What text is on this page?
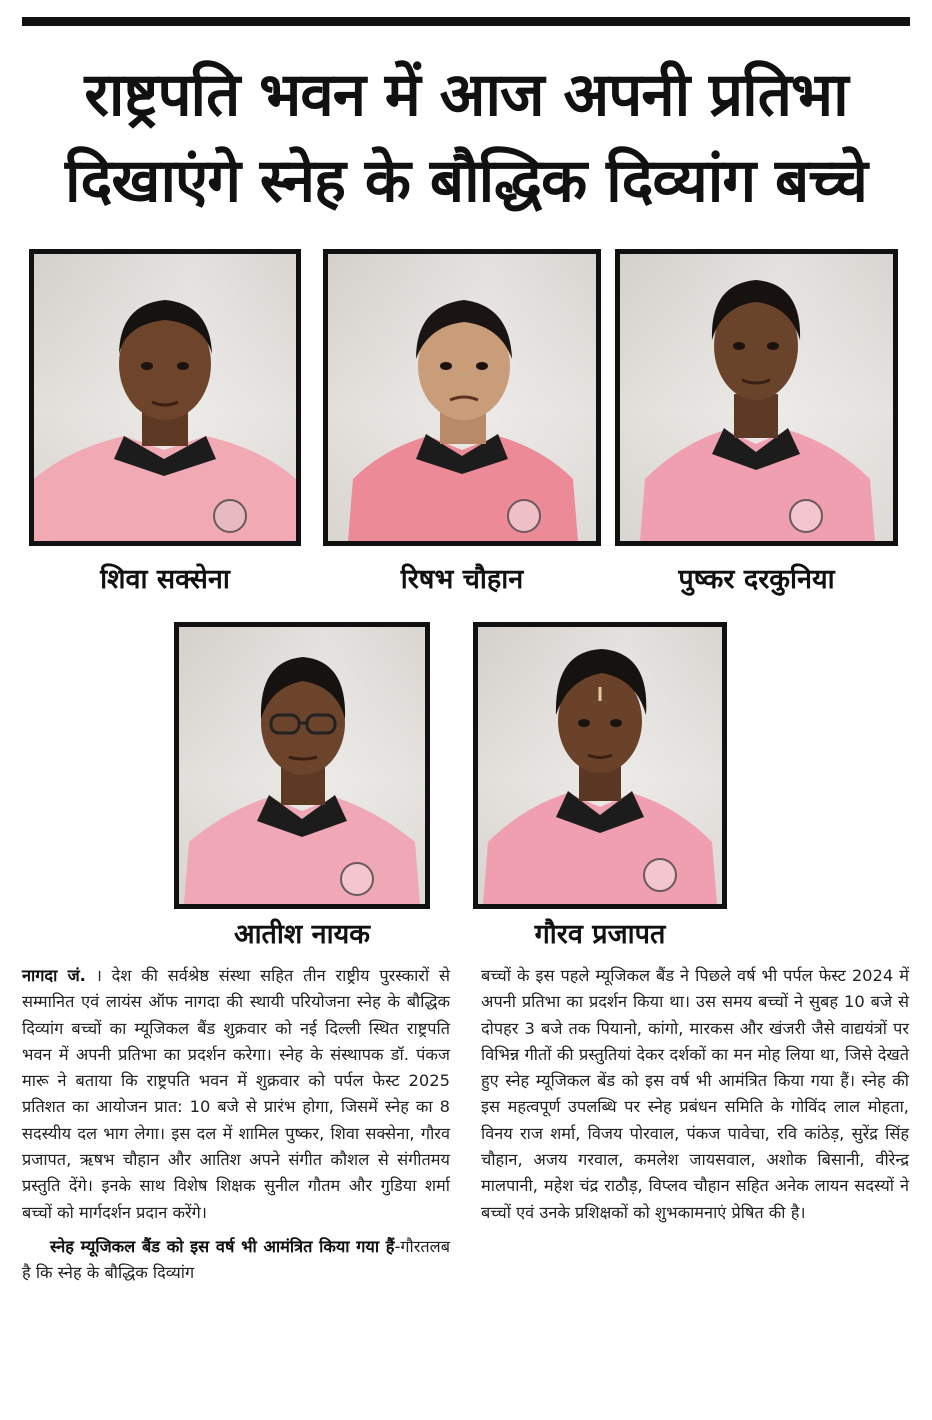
राष्ट्रपति भवन में आज अपनी प्रतिभा
दिखाएंगे स्नेह के बौद्धिक दिव्यांग बच्चे

शिवा सक्सेना	रिषभ चौहान	पुष्कर दरकुनिया

आतीश नायक	गौरव प्रजापत

नागदा जं. । देश की सर्वश्रेष्ठ संस्था सहित तीन राष्ट्रीय पुरस्कारों से सम्मानित एवं लायंस ऑफ नागदा की स्थायी परियोजना स्नेह के बौद्धिक दिव्यांग बच्चों का म्यूजिकल बैंड शुक्रवार को नई दिल्ली स्थित राष्ट्रपति भवन में अपनी प्रतिभा का प्रदर्शन करेगा। स्नेह के संस्थापक डॉ. पंकज मारू ने बताया कि राष्ट्रपति भवन में शुक्रवार को पर्पल फेस्ट 2025 प्रतिशत का आयोजन प्रात: 10 बजे से प्रारंभ होगा, जिसमें स्नेह का 8 सदस्यीय दल भाग लेगा। इस दल में शामिल पुष्कर, शिवा सक्सेना, गौरव प्रजापत, ऋषभ चौहान और आतिश अपने संगीत कौशल से संगीतमय प्रस्तुति देंगे। इनके साथ विशेष शिक्षक सुनील गौतम और गुडिया शर्मा बच्चों को मार्गदर्शन प्रदान करेंगे।

स्नेह म्यूजिकल बैंड को इस वर्ष भी आमंत्रित किया गया हैं-गौरतलब है कि स्नेह के बौद्धिक दिव्यांग

बच्चों के इस पहले म्यूजिकल बैंड ने पिछले वर्ष भी पर्पल फेस्ट 2024 में अपनी प्रतिभा का प्रदर्शन किया था। उस समय बच्चों ने सुबह 10 बजे से दोपहर 3 बजे तक पियानो, कांगो, मारकस और खंजरी जैसे वाद्ययंत्रों पर विभिन्न गीतों की प्रस्तुतियां देकर दर्शकों का मन मोह लिया था, जिसे देखते हुए स्नेह म्यूजिकल बेंड को इस वर्ष भी आमंत्रित किया गया हैं। स्नेह की इस महत्वपूर्ण उपलब्धि पर स्नेह प्रबंधन समिति के गोविंद लाल मोहता, विनय राज शर्मा, विजय पोरवाल, पंकज पावेचा, रवि कांठेड़, सुरेंद्र सिंह चौहान, अजय गरवाल, कमलेश जायसवाल, अशोक बिसानी, वीरेन्द्र मालपानी, महेश चंद्र राठौड़, विप्लव चौहान सहित अनेक लायन सदस्यों ने बच्चों एवं उनके प्रशिक्षकों को शुभकामनाएं प्रेषित की है।
